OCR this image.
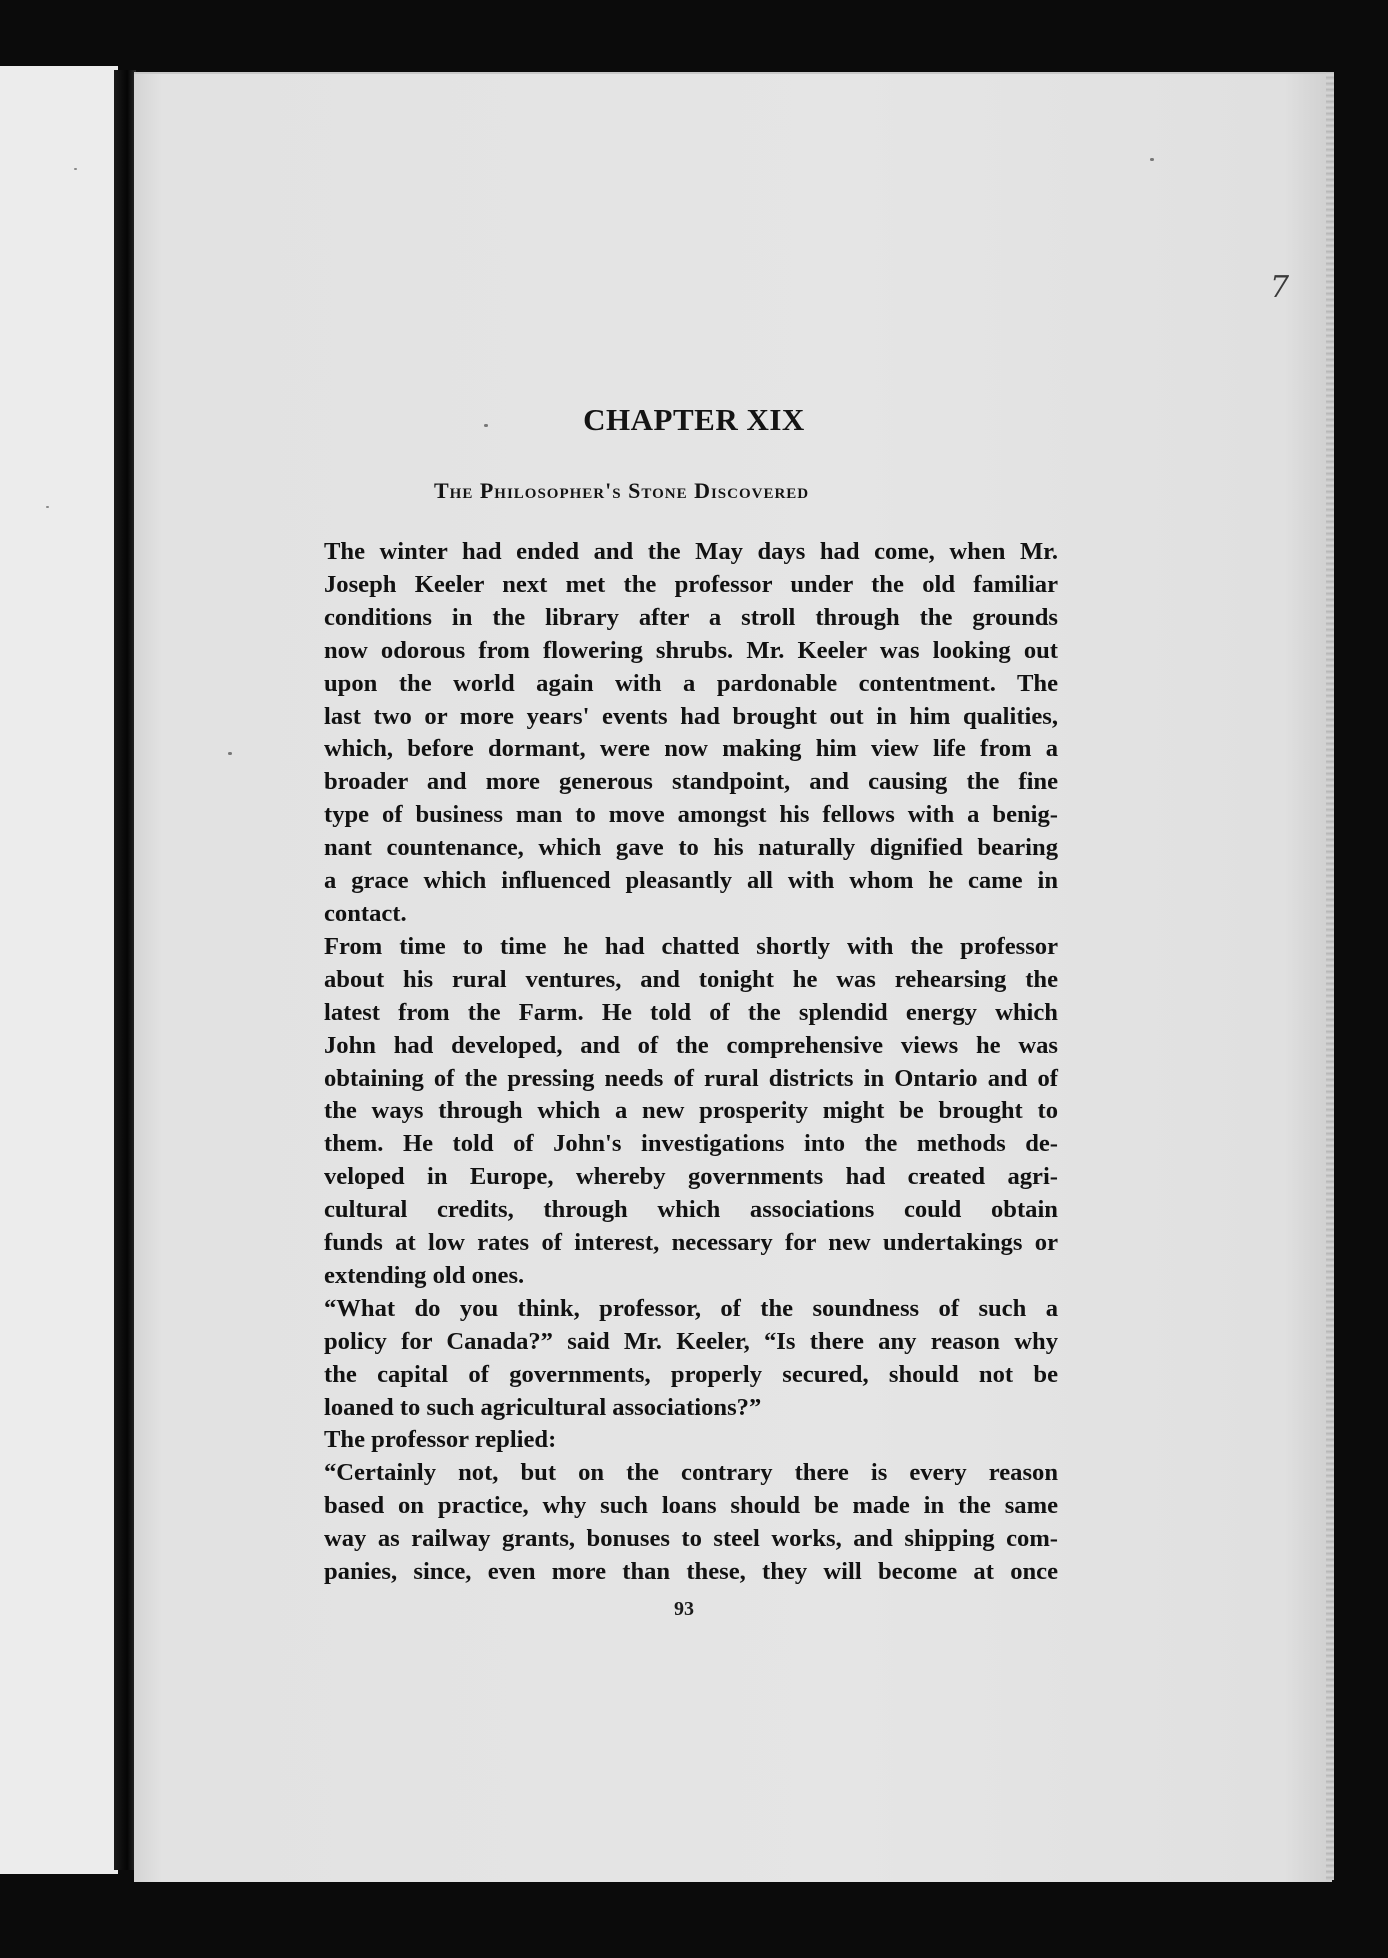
7
CHAPTER XIX
The Philosopher's Stone Discovered

The winter had ended and the May days had come, when Mr.
Joseph Keeler next met the professor under the old familiar
conditions in the library after a stroll through the grounds
now odorous from flowering shrubs. Mr. Keeler was looking out
upon the world again with a pardonable contentment. The
last two or more years' events had brought out in him qualities,
which, before dormant, were now making him view life from a
broader and more generous standpoint, and causing the fine
type of business man to move amongst his fellows with a benig-
nant countenance, which gave to his naturally dignified bearing
a grace which influenced pleasantly all with whom he came in
contact.

From time to time he had chatted shortly with the professor
about his rural ventures, and tonight he was rehearsing the
latest from the Farm. He told of the splendid energy which
John had developed, and of the comprehensive views he was
obtaining of the pressing needs of rural districts in Ontario and of
the ways through which a new prosperity might be brought to
them. He told of John's investigations into the methods de-
veloped in Europe, whereby governments had created agri-
cultural credits, through which associations could obtain
funds at low rates of interest, necessary for new undertakings or
extending old ones.

“What do you think, professor, of the soundness of such a
policy for Canada?” said Mr. Keeler, “Is there any reason why
the capital of governments, properly secured, should not be
loaned to such agricultural associations?”

The professor replied:

“Certainly not, but on the contrary there is every reason
based on practice, why such loans should be made in the same
way as railway grants, bonuses to steel works, and shipping com-
panies, since, even more than these, they will become at once

93
